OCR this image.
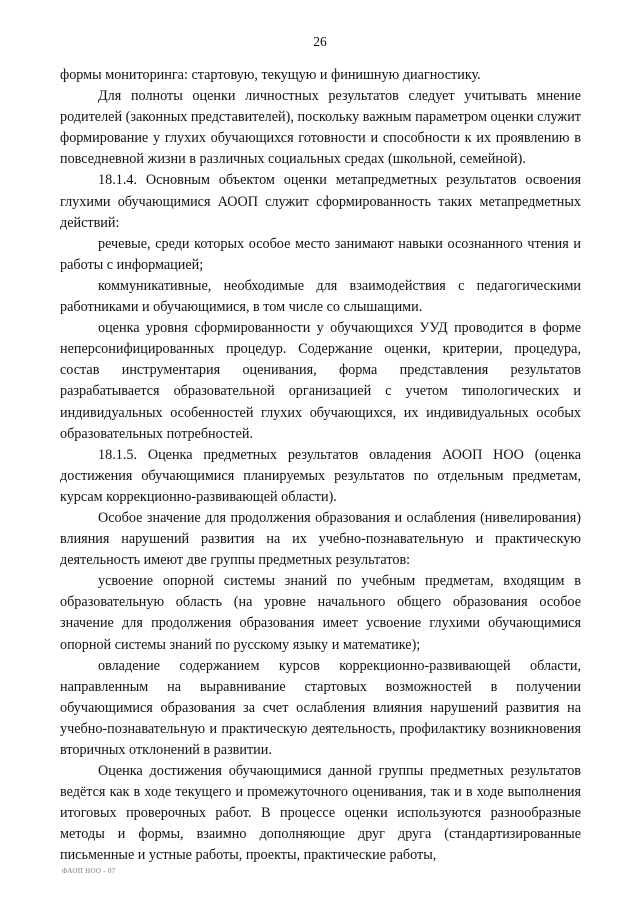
26

формы мониторинга: стартовую, текущую и финишную диагностику.

Для полноты оценки личностных результатов следует учитывать мнение родителей (законных представителей), поскольку важным параметром оценки служит формирование у глухих обучающихся готовности и способности к их проявлению в повседневной жизни в различных социальных средах (школьной, семейной).

18.1.4. Основным объектом оценки метапредметных результатов освоения глухими обучающимися АООП служит сформированность таких метапредметных действий:

речевые, среди которых особое место занимают навыки осознанного чтения и работы с информацией;

коммуникативные, необходимые для взаимодействия с педагогическими работниками и обучающимися, в том числе со слышащими.

оценка уровня сформированности у обучающихся УУД проводится в форме неперсонифицированных процедур. Содержание оценки, критерии, процедура, состав инструментария оценивания, форма представления результатов разрабатывается образовательной организацией с учетом типологических и индивидуальных особенностей глухих обучающихся, их индивидуальных особых образовательных потребностей.

18.1.5. Оценка предметных результатов овладения АООП НОО (оценка достижения обучающимися планируемых результатов по отдельным предметам, курсам коррекционно-развивающей области).

Особое значение для продолжения образования и ослабления (нивелирования) влияния нарушений развития на их учебно-познавательную и практическую деятельность имеют две группы предметных результатов:

усвоение опорной системы знаний по учебным предметам, входящим в образовательную область (на уровне начального общего образования особое значение для продолжения образования имеет усвоение глухими обучающимися опорной системы знаний по русскому языку и математике);

овладение содержанием курсов коррекционно-развивающей области, направленным на выравнивание стартовых возможностей в получении обучающимися образования за счет ослабления влияния нарушений развития на учебно-познавательную и практическую деятельность, профилактику возникновения вторичных отклонений в развитии.

Оценка достижения обучающимися данной группы предметных результатов ведётся как в ходе текущего и промежуточного оценивания, так и в ходе выполнения итоговых проверочных работ. В процессе оценки используются разнообразные методы и формы, взаимно дополняющие друг друга (стандартизированные письменные и устные работы, проекты, практические работы,

ФАОП НОО - 07
